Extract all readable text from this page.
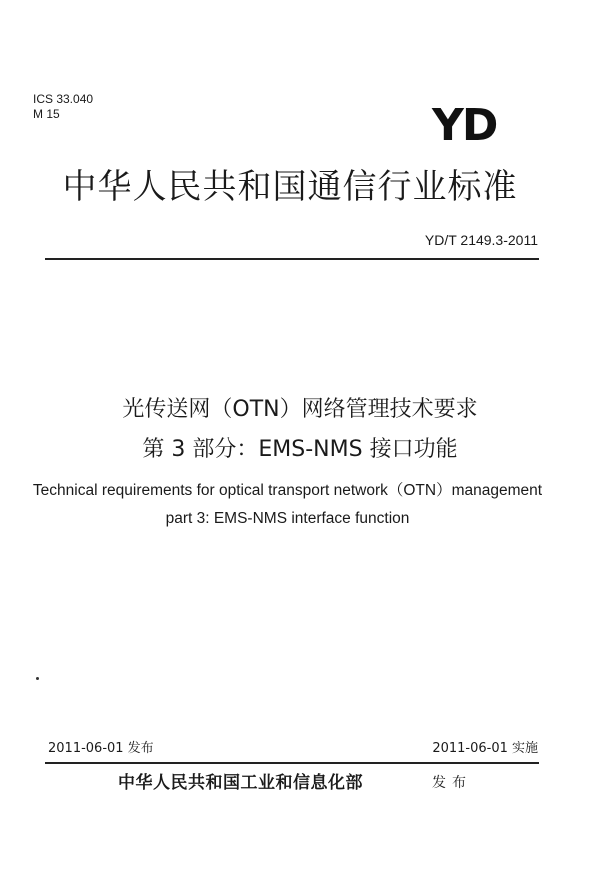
ICS 33.040
M 15	YD
中华人民共和国通信行业标准
YD/T 2149.3-2011
光传送网（OTN）网络管理技术要求
第 3 部分：EMS-NMS 接口功能
Technical requirements for optical transport network（OTN）management
part 3: EMS-NMS interface function
2011-06-01 发布	2011-06-01 实施
中华人民共和国工业和信息化部	发布
